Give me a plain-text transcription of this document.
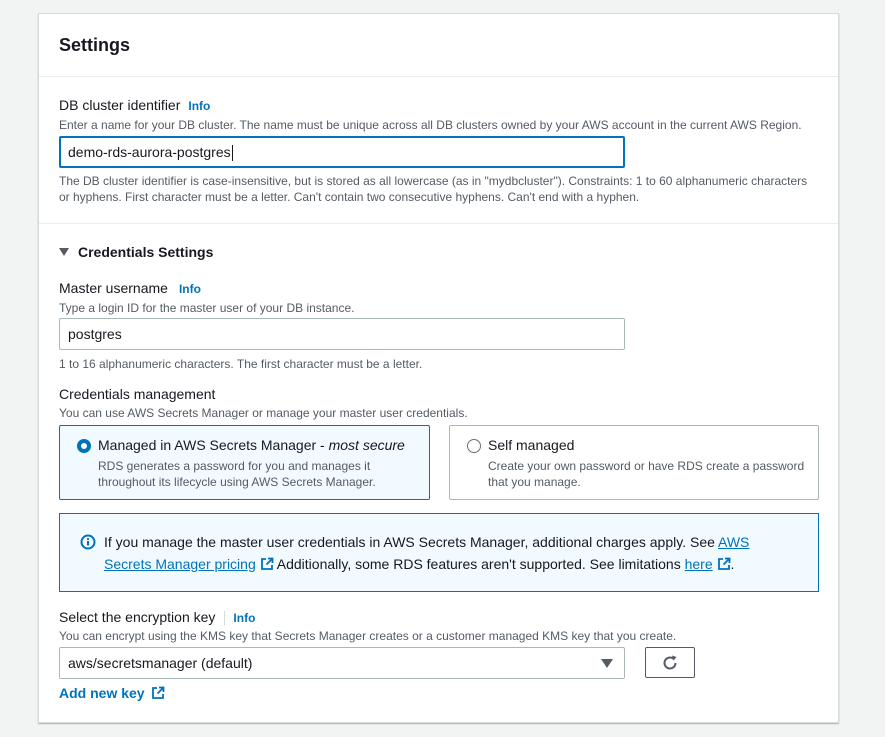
Settings
DB cluster identifier Info
Enter a name for your DB cluster. The name must be unique across all DB clusters owned by your AWS account in the current AWS Region.
demo-rds-aurora-postgres
The DB cluster identifier is case-insensitive, but is stored as all lowercase (as in "mydbcluster"). Constraints: 1 to 60 alphanumeric characters
or hyphens. First character must be a letter. Can't contain two consecutive hyphens. Can't end with a hyphen.
Credentials Settings
Master username Info
Type a login ID for the master user of your DB instance.
postgres
1 to 16 alphanumeric characters. The first character must be a letter.
Credentials management
You can use AWS Secrets Manager or manage your master user credentials.
Managed in AWS Secrets Manager - most secure
RDS generates a password for you and manages it
throughout its lifecycle using AWS Secrets Manager.
Self managed
Create your own password or have RDS create a password
that you manage.
If you manage the master user credentials in AWS Secrets Manager, additional charges apply. See AWS
Secrets Manager pricing  Additionally, some RDS features aren't supported. See limitations here .
Select the encryption key Info
You can encrypt using the KMS key that Secrets Manager creates or a customer managed KMS key that you create.
aws/secretsmanager (default)
Add new key
